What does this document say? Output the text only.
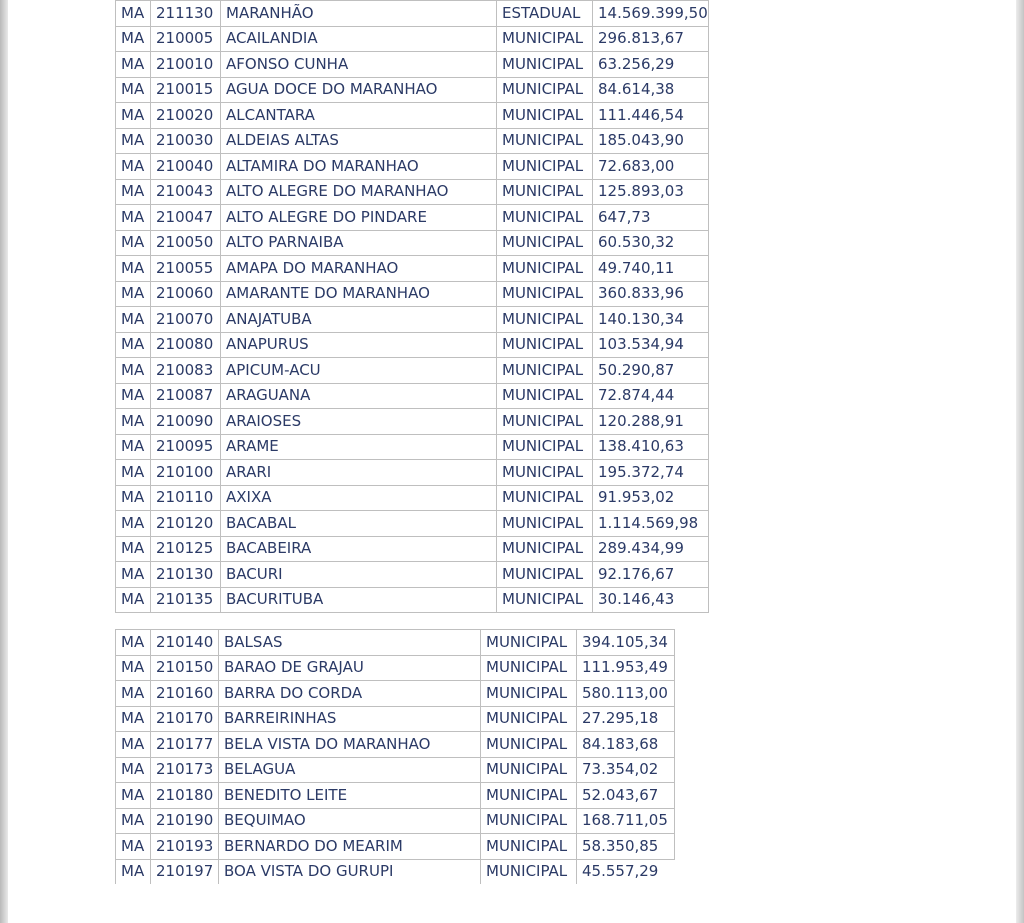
MA	211130	MARANHÃO	ESTADUAL	14.569.399,50
MA	210005	ACAILANDIA	MUNICIPAL	296.813,67
MA	210010	AFONSO CUNHA	MUNICIPAL	63.256,29
MA	210015	AGUA DOCE DO MARANHAO	MUNICIPAL	84.614,38
MA	210020	ALCANTARA	MUNICIPAL	111.446,54
MA	210030	ALDEIAS ALTAS	MUNICIPAL	185.043,90
MA	210040	ALTAMIRA DO MARANHAO	MUNICIPAL	72.683,00
MA	210043	ALTO ALEGRE DO MARANHAO	MUNICIPAL	125.893,03
MA	210047	ALTO ALEGRE DO PINDARE	MUNICIPAL	647,73
MA	210050	ALTO PARNAIBA	MUNICIPAL	60.530,32
MA	210055	AMAPA DO MARANHAO	MUNICIPAL	49.740,11
MA	210060	AMARANTE DO MARANHAO	MUNICIPAL	360.833,96
MA	210070	ANAJATUBA	MUNICIPAL	140.130,34
MA	210080	ANAPURUS	MUNICIPAL	103.534,94
MA	210083	APICUM-ACU	MUNICIPAL	50.290,87
MA	210087	ARAGUANA	MUNICIPAL	72.874,44
MA	210090	ARAIOSES	MUNICIPAL	120.288,91
MA	210095	ARAME	MUNICIPAL	138.410,63
MA	210100	ARARI	MUNICIPAL	195.372,74
MA	210110	AXIXA	MUNICIPAL	91.953,02
MA	210120	BACABAL	MUNICIPAL	1.114.569,98
MA	210125	BACABEIRA	MUNICIPAL	289.434,99
MA	210130	BACURI	MUNICIPAL	92.176,67
MA	210135	BACURITUBA	MUNICIPAL	30.146,43
MA	210140	BALSAS	MUNICIPAL	394.105,34
MA	210150	BARAO DE GRAJAU	MUNICIPAL	111.953,49
MA	210160	BARRA DO CORDA	MUNICIPAL	580.113,00
MA	210170	BARREIRINHAS	MUNICIPAL	27.295,18
MA	210177	BELA VISTA DO MARANHAO	MUNICIPAL	84.183,68
MA	210173	BELAGUA	MUNICIPAL	73.354,02
MA	210180	BENEDITO LEITE	MUNICIPAL	52.043,67
MA	210190	BEQUIMAO	MUNICIPAL	168.711,05
MA	210193	BERNARDO DO MEARIM	MUNICIPAL	58.350,85
MA	210197	BOA VISTA DO GURUPI	MUNICIPAL	45.557,29
